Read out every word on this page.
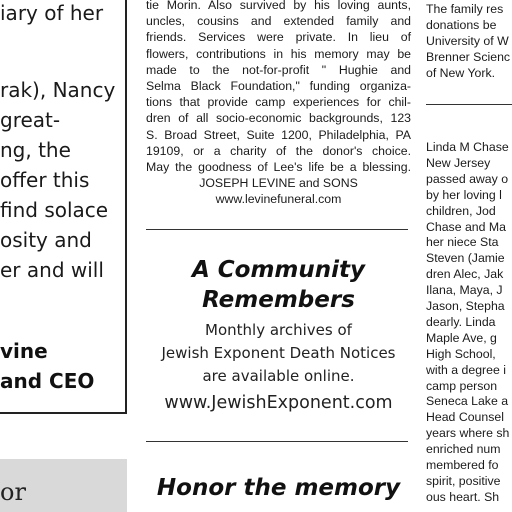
iary of her
rak), Nancy
great-
ng, the
offer this
find solace
osity and
er and will
vine
and CEO
or
tie Morin. Also survived by his loving aunts,
uncles, cousins and extended family and
friends. Services were private. In lieu of
flowers, contributions in his memory may be
made to the not-for-profit " Hughie and
Selma Black Foundation," funding organiza-
tions that provide camp experiences for chil-
dren of all socio-economic backgrounds, 123
S. Broad Street, Suite 1200, Philadelphia, PA
19109, or a charity of the donor's choice.
May the goodness of Lee's life be a blessing.
JOSEPH LEVINE and SONS
www.levinefuneral.com
A Community
Remembers
Monthly archives of
Jewish Exponent Death Notices
are available online.
www.JewishExponent.com
Honor the memory
The family res
donations be
University of W
Brenner Scienc
of New York.
Linda M Chase
New Jersey
passed away o
by her loving l
children, Jod
Chase and Ma
her niece Sta
Steven (Jamie
dren Alec, Jak
Ilana, Maya, J
Jason, Stepha
dearly. Linda
Maple Ave, g
High School,
with a degree i
camp person
Seneca Lake a
Head Counsel
years where sh
enriched num
membered fo
spirit, positive
ous heart. Sh
